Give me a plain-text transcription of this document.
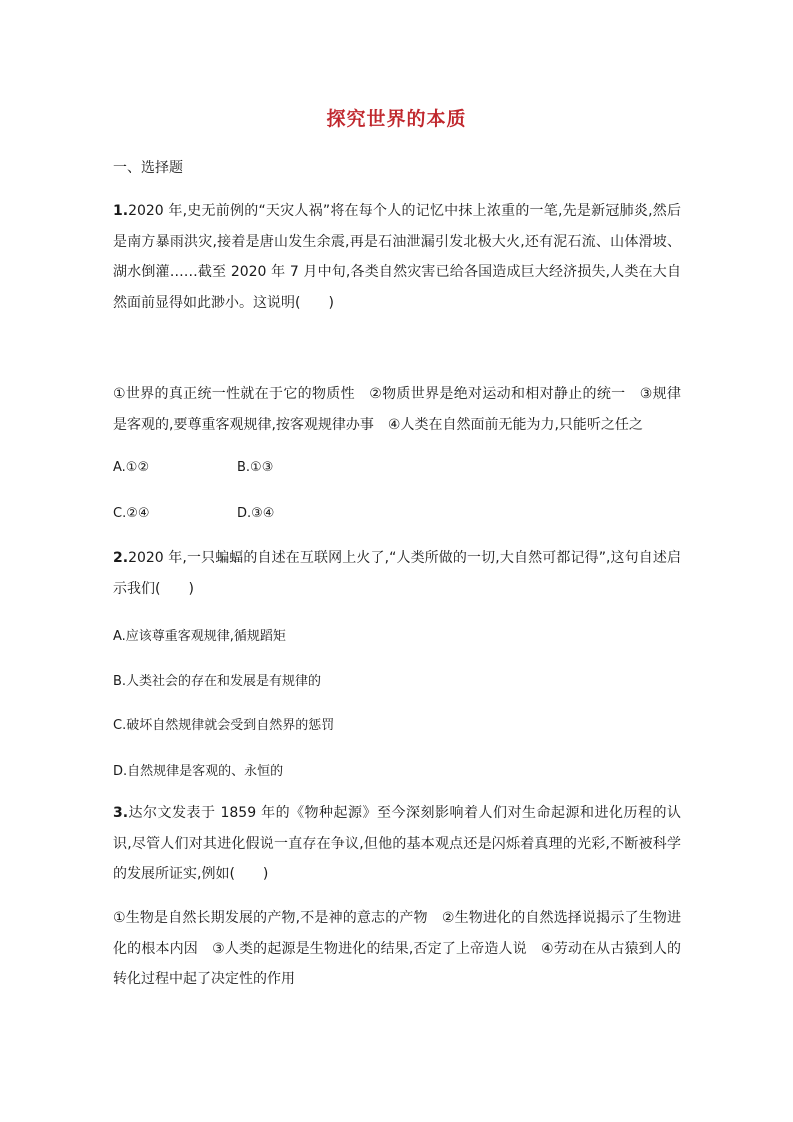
探究世界的本质
一、选择题
1.2020 年,史无前例的“天灾人祸”将在每个人的记忆中抹上浓重的一笔,先是新冠肺炎,然后是南方暴雨洪灾,接着是唐山发生余震,再是石油泄漏引发北极大火,还有泥石流、山体滑坡、湖水倒灌……截至 2020 年 7 月中旬,各类自然灾害已给各国造成巨大经济损失,人类在大自然面前显得如此渺小。这说明(　　)
①世界的真正统一性就在于它的物质性　②物质世界是绝对运动和相对静止的统一　③规律是客观的,要尊重客观规律,按客观规律办事　④人类在自然面前无能为力,只能听之任之
A.①②	B.①③
C.②④	D.③④
2.2020 年,一只蝙蝠的自述在互联网上火了,“人类所做的一切,大自然可都记得”,这句自述启示我们(　　)
A.应该尊重客观规律,循规蹈矩
B.人类社会的存在和发展是有规律的
C.破坏自然规律就会受到自然界的惩罚
D.自然规律是客观的、永恒的
3.达尔文发表于 1859 年的《物种起源》至今深刻影响着人们对生命起源和进化历程的认识,尽管人们对其进化假说一直存在争议,但他的基本观点还是闪烁着真理的光彩,不断被科学的发展所证实,例如(　　)
①生物是自然长期发展的产物,不是神的意志的产物　②生物进化的自然选择说揭示了生物进化的根本内因　③人类的起源是生物进化的结果,否定了上帝造人说　④劳动在从古猿到人的转化过程中起了决定性的作用
